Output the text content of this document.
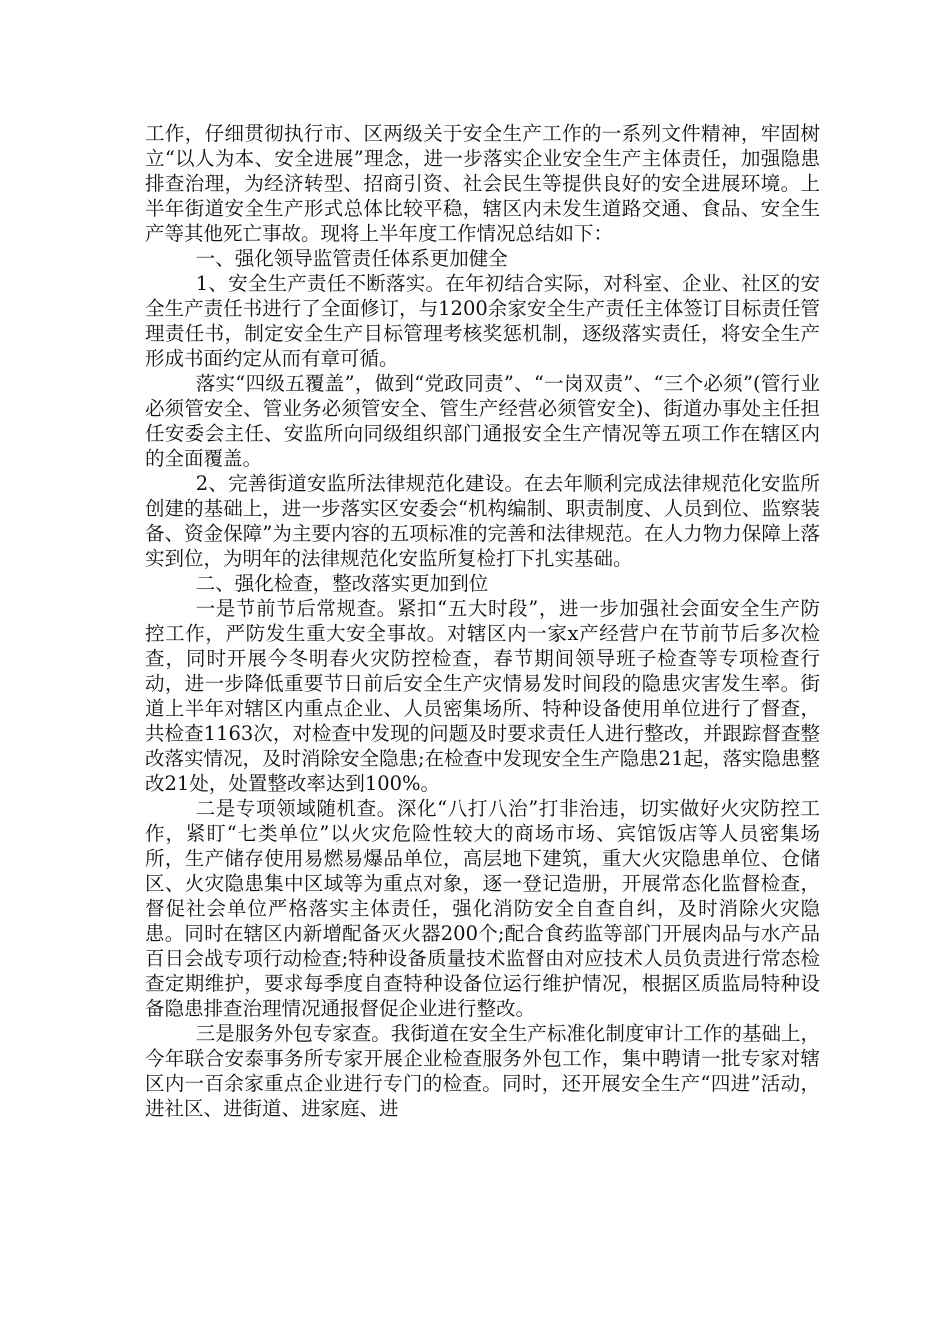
工作，仔细贯彻执行市、区两级关于安全生产工作的一系列文件精神，牢固树立“以人为本、安全进展”理念，进一步落实企业安全生产主体责任，加强隐患排查治理，为经济转型、招商引资、社会民生等提供良好的安全进展环境。上半年街道安全生产形式总体比较平稳，辖区内未发生道路交通、食品、安全生产等其他死亡事故。现将上半年度工作情况总结如下：

一、强化领导监管责任体系更加健全

1、安全生产责任不断落实。在年初结合实际，对科室、企业、社区的安全生产责任书进行了全面修订，与1200余家安全生产责任主体签订目标责任管理责任书，制定安全生产目标管理考核奖惩机制，逐级落实责任，将安全生产形成书面约定从而有章可循。

落实“四级五覆盖”，做到“党政同责”、“一岗双责”、“三个必须”(管行业必须管安全、管业务必须管安全、管生产经营必须管安全)、街道办事处主任担任安委会主任、安监所向同级组织部门通报安全生产情况等五项工作在辖区内的全面覆盖。

2、完善街道安监所法律规范化建设。在去年顺利完成法律规范化安监所创建的基础上，进一步落实区安委会“机构编制、职责制度、人员到位、监察装备、资金保障”为主要内容的五项标准的完善和法律规范。在人力物力保障上落实到位，为明年的法律规范化安监所复检打下扎实基础。

二、强化检查，整改落实更加到位

一是节前节后常规查。紧扣“五大时段”，进一步加强社会面安全生产防控工作，严防发生重大安全事故。对辖区内一家x产经营户在节前节后多次检查，同时开展今冬明春火灾防控检查，春节期间领导班子检查等专项检查行动，进一步降低重要节日前后安全生产灾情易发时间段的隐患灾害发生率。街道上半年对辖区内重点企业、人员密集场所、特种设备使用单位进行了督查，共检查1163次，对检查中发现的问题及时要求责任人进行整改，并跟踪督查整改落实情况，及时消除安全隐患;在检查中发现安全生产隐患21起，落实隐患整改21处，处置整改率达到100%。

二是专项领域随机查。深化“八打八治”打非治违，切实做好火灾防控工作，紧盯“七类单位”以火灾危险性较大的商场市场、宾馆饭店等人员密集场所，生产储存使用易燃易爆品单位，高层地下建筑，重大火灾隐患单位、仓储区、火灾隐患集中区域等为重点对象，逐一登记造册，开展常态化监督检查，督促社会单位严格落实主体责任，强化消防安全自查自纠，及时消除火灾隐患。同时在辖区内新增配备灭火器200个;配合食药监等部门开展肉品与水产品百日会战专项行动检查;特种设备质量技术监督由对应技术人员负责进行常态检查定期维护，要求每季度自查特种设备位运行维护情况，根据区质监局特种设备隐患排查治理情况通报督促企业进行整改。

三是服务外包专家查。我街道在安全生产标准化制度审计工作的基础上，今年联合安泰事务所专家开展企业检查服务外包工作，集中聘请一批专家对辖区内一百余家重点企业进行专门的检查。同时，还开展安全生产“四进”活动，进社区、进街道、进家庭、进
